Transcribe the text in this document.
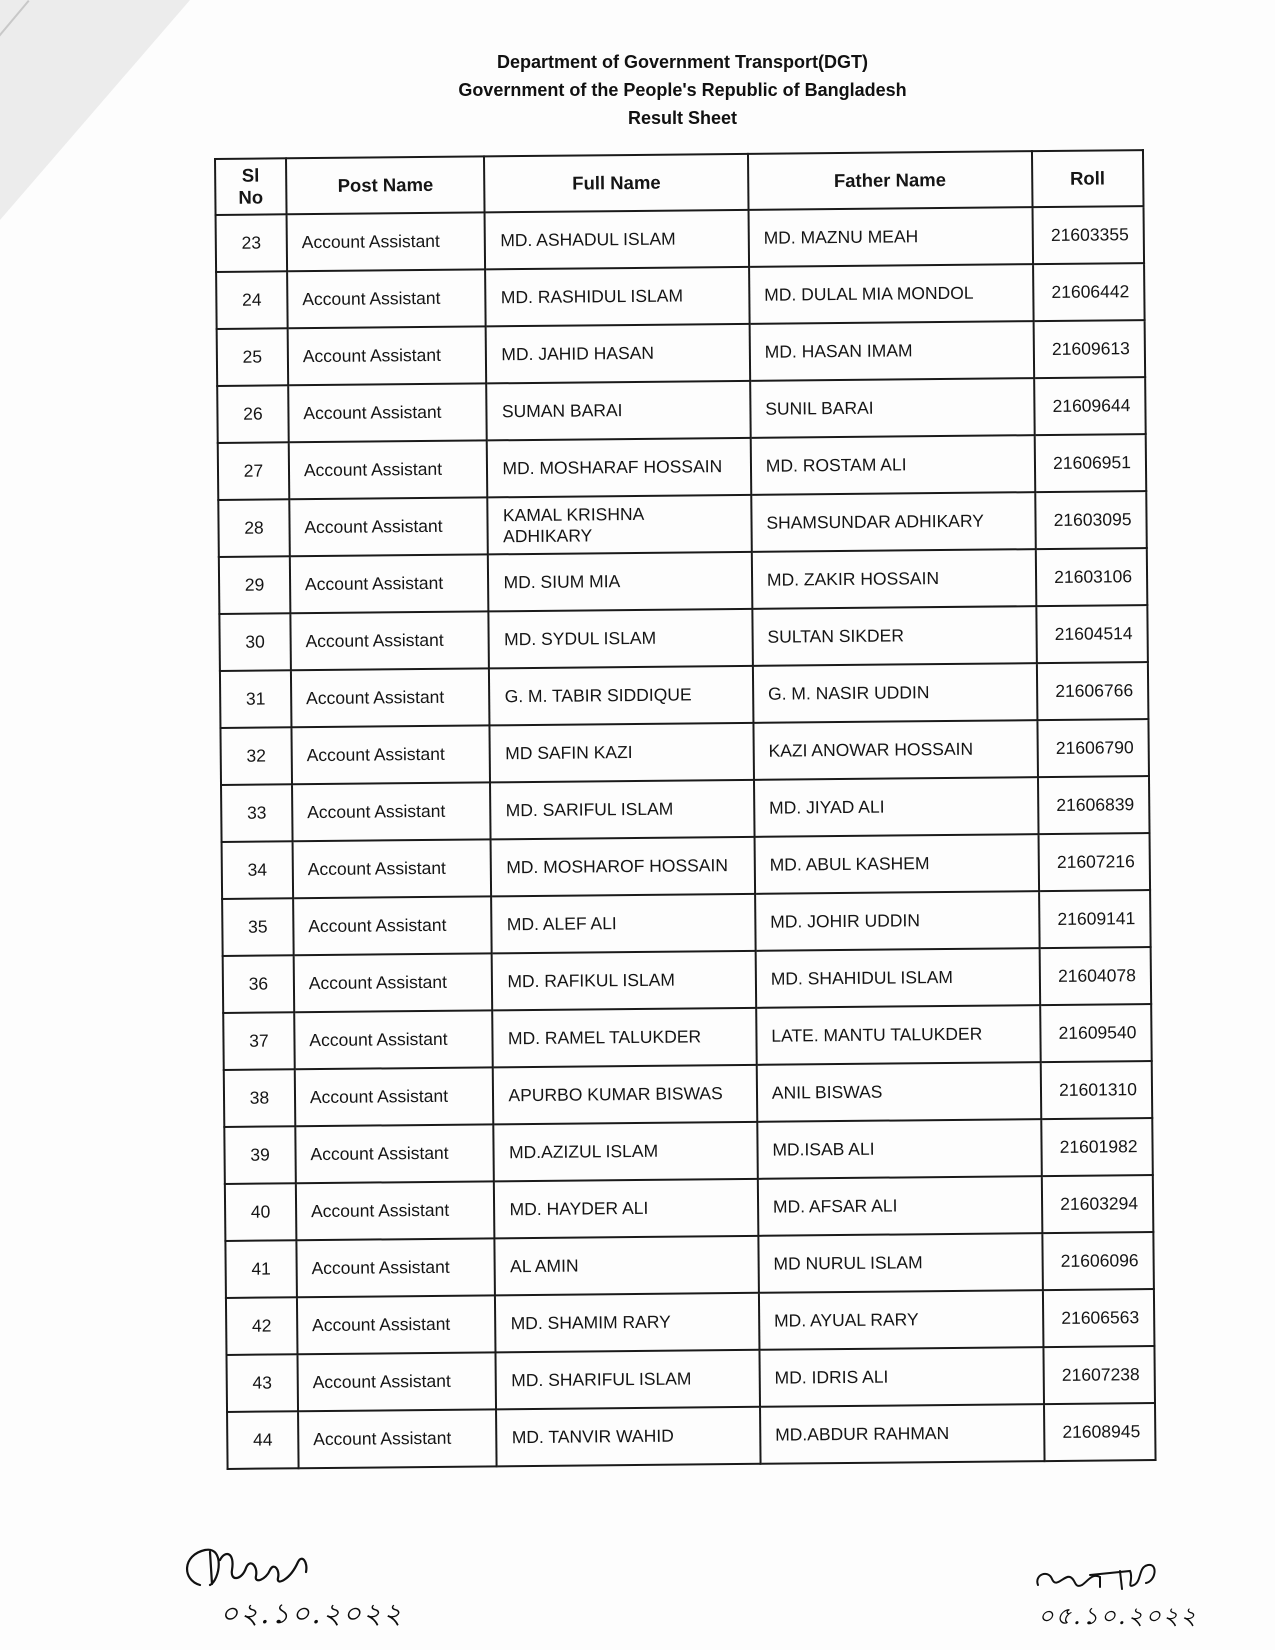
Department of Government Transport(DGT)
Government of the People's Republic of Bangladesh
Result Sheet
Sl No	Post Name	Full Name	Father Name	Roll
23	Account Assistant	MD. ASHADUL ISLAM	MD. MAZNU MEAH	21603355
24	Account Assistant	MD. RASHIDUL ISLAM	MD. DULAL MIA MONDOL	21606442
25	Account Assistant	MD. JAHID HASAN	MD. HASAN IMAM	21609613
26	Account Assistant	SUMAN BARAI	SUNIL BARAI	21609644
27	Account Assistant	MD. MOSHARAF HOSSAIN	MD. ROSTAM ALI	21606951
28	Account Assistant	KAMAL KRISHNA ADHIKARY	SHAMSUNDAR ADHIKARY	21603095
29	Account Assistant	MD. SIUM MIA	MD. ZAKIR HOSSAIN	21603106
30	Account Assistant	MD. SYDUL ISLAM	SULTAN SIKDER	21604514
31	Account Assistant	G. M. TABIR SIDDIQUE	G. M. NASIR UDDIN	21606766
32	Account Assistant	MD SAFIN KAZI	KAZI ANOWAR HOSSAIN	21606790
33	Account Assistant	MD. SARIFUL ISLAM	MD. JIYAD ALI	21606839
34	Account Assistant	MD. MOSHAROF HOSSAIN	MD. ABUL KASHEM	21607216
35	Account Assistant	MD. ALEF ALI	MD. JOHIR UDDIN	21609141
36	Account Assistant	MD. RAFIKUL ISLAM	MD. SHAHIDUL ISLAM	21604078
37	Account Assistant	MD. RAMEL TALUKDER	LATE. MANTU TALUKDER	21609540
38	Account Assistant	APURBO KUMAR BISWAS	ANIL BISWAS	21601310
39	Account Assistant	MD.AZIZUL ISLAM	MD.ISAB ALI	21601982
40	Account Assistant	MD. HAYDER ALI	MD. AFSAR ALI	21603294
41	Account Assistant	AL AMIN	MD NURUL ISLAM	21606096
42	Account Assistant	MD. SHAMIM RARY	MD. AYUAL RARY	21606563
43	Account Assistant	MD. SHARIFUL ISLAM	MD. IDRIS ALI	21607238
44	Account Assistant	MD. TANVIR WAHID	MD.ABDUR RAHMAN	21608945
০২.১০.২০২২	০৫.১০.২০২২
